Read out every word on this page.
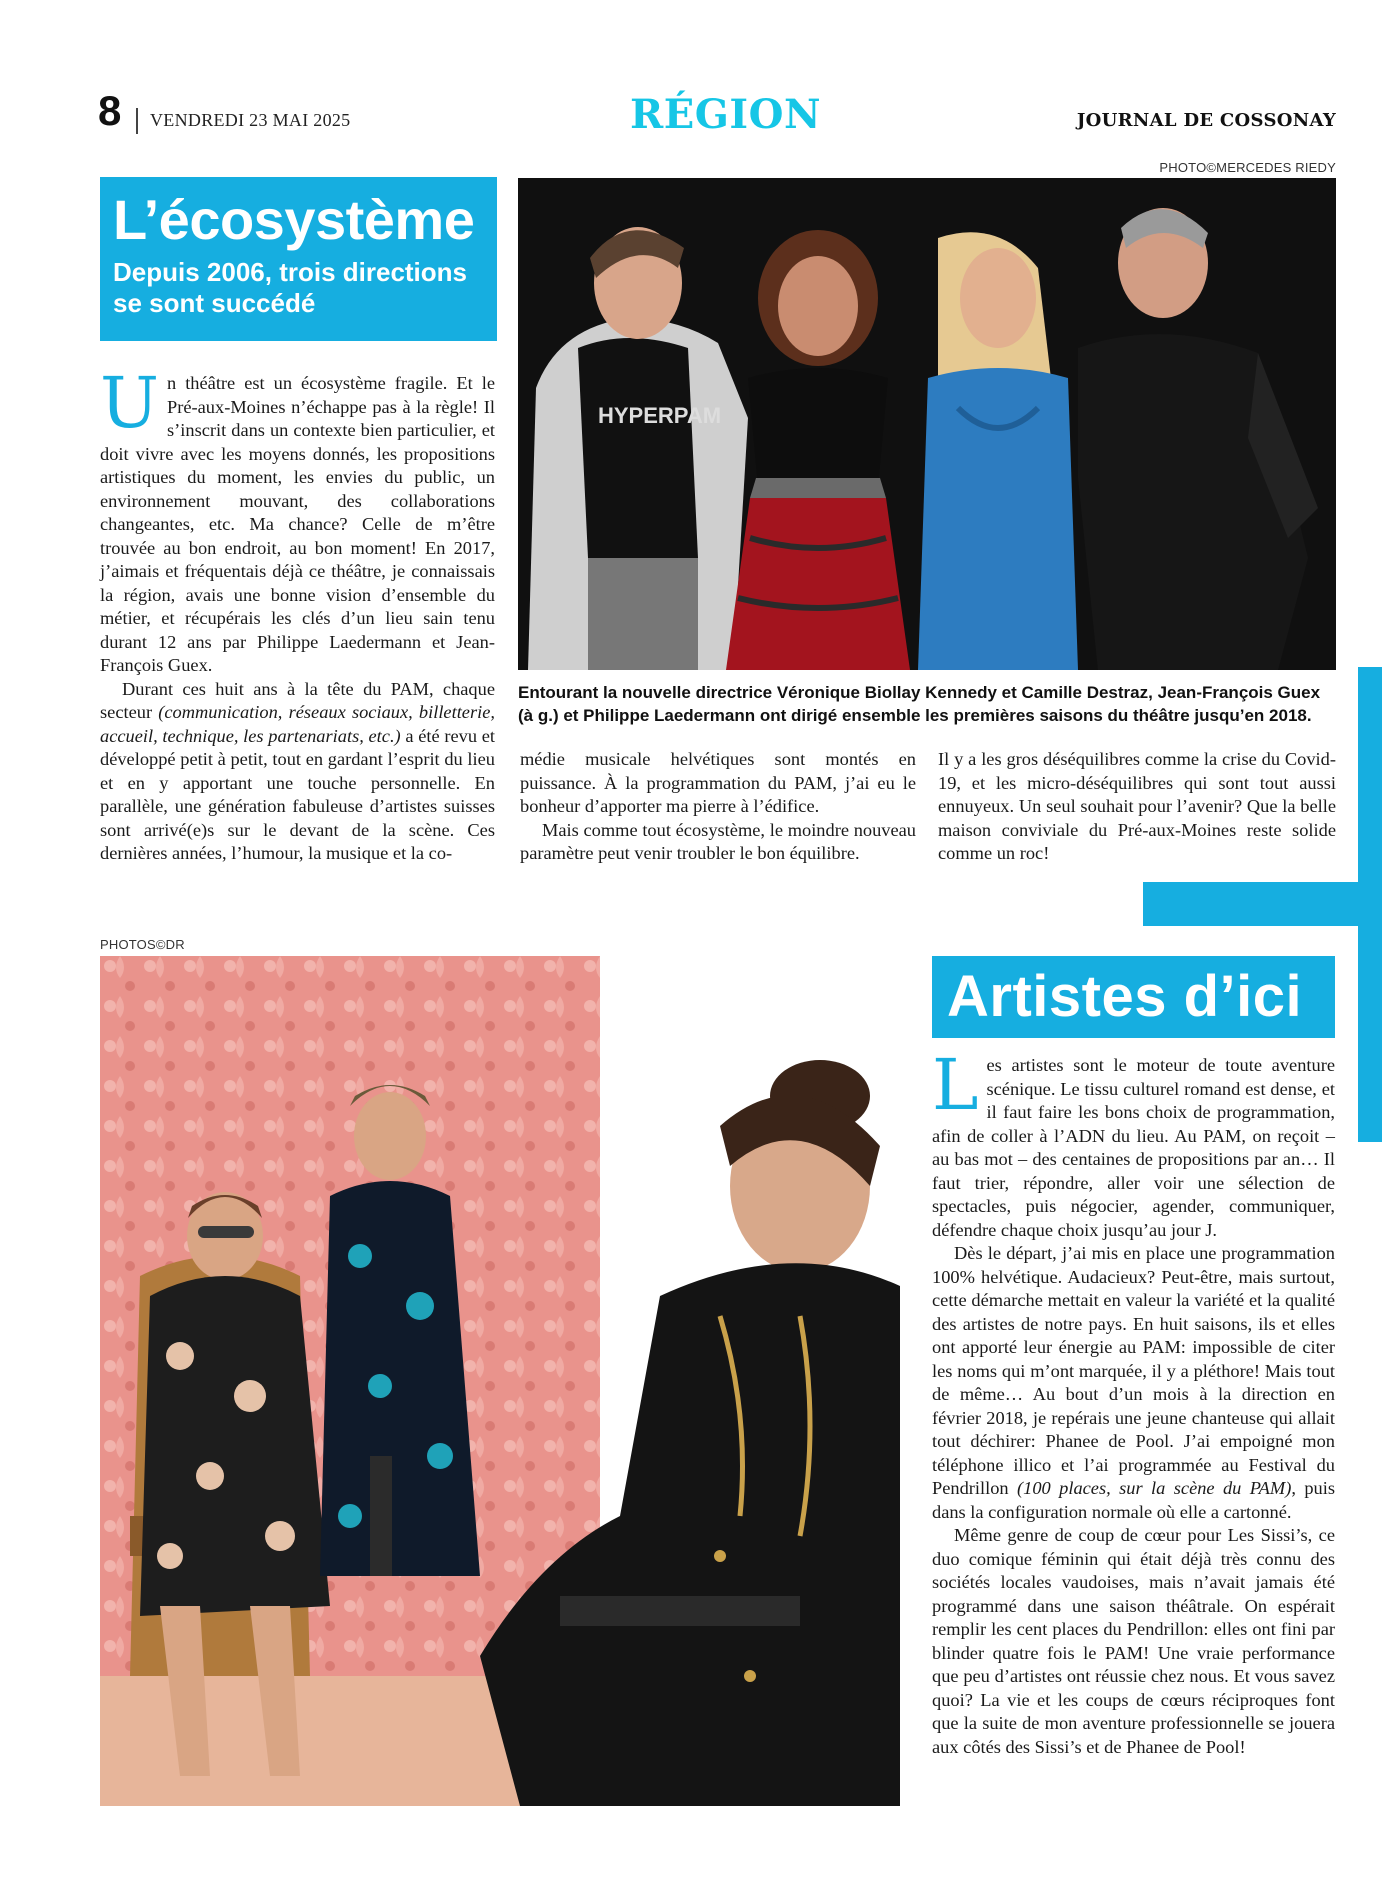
8 VENDREDI 23 MAI 2025	RÉGION	JOURNAL DE COSSONAY
PHOTO©MERCEDES RIEDY
L’écosystème
Depuis 2006, trois directions se sont succédé
HYPERPAM
Entourant la nouvelle directrice Véronique Biollay Kennedy et Camille Destraz, Jean-François Guex (à g.) et Philippe Laedermann ont dirigé ensemble les premières saisons du théâtre jusqu’en 2018.

Un théâtre est un écosystème fragile. Et le Pré-aux-Moines n’échappe pas à la règle! Il s’inscrit dans un contexte bien particulier, et doit vivre avec les moyens donnés, les propositions artistiques du moment, les envies du public, un environnement mouvant, des collaborations changeantes, etc. Ma chance? Celle de m’être trouvée au bon endroit, au bon moment! En 2017, j’aimais et fréquentais déjà ce théâtre, je connaissais la région, avais une bonne vision d’ensemble du métier, et récupérais les clés d’un lieu sain tenu durant 12 ans par Philippe Laedermann et Jean-François Guex.

Durant ces huit ans à la tête du PAM, chaque secteur (communication, réseaux sociaux, billetterie, accueil, technique, les partenariats, etc.) a été revu et développé petit à petit, tout en gardant l’esprit du lieu et en y apportant une touche personnelle. En parallèle, une génération fabuleuse d’artistes suisses sont arrivé(e)s sur le devant de la scène. Ces dernières années, l’humour, la musique et la co-

médie musicale helvétiques sont montés en puissance. À la programmation du PAM, j’ai eu le bonheur d’apporter ma pierre à l’édifice.

Mais comme tout écosystème, le moindre nouveau paramètre peut venir troubler le bon équilibre.

Il y a les gros déséquilibres comme la crise du Covid-19, et les micro-déséquilibres qui sont tout aussi ennuyeux. Un seul souhait pour l’avenir? Que la belle maison conviviale du Pré-aux-Moines reste solide comme un roc!

PHOTOS©DR
Artistes d’ici

Les artistes sont le moteur de toute aventure scénique. Le tissu culturel romand est dense, et il faut faire les bons choix de programmation, afin de coller à l’ADN du lieu. Au PAM, on reçoit – au bas mot – des centaines de propositions par an… Il faut trier, répondre, aller voir une sélection de spectacles, puis négocier, agender, communiquer, défendre chaque choix jusqu’au jour J.

Dès le départ, j’ai mis en place une programmation 100% helvétique. Audacieux? Peut-être, mais surtout, cette démarche mettait en valeur la variété et la qualité des artistes de notre pays. En huit saisons, ils et elles ont apporté leur énergie au PAM: impossible de citer les noms qui m’ont marquée, il y a pléthore! Mais tout de même… Au bout d’un mois à la direction en février 2018, je repérais une jeune chanteuse qui allait tout déchirer: Phanee de Pool. J’ai empoigné mon téléphone illico et l’ai programmée au Festival du Pendrillon (100 places, sur la scène du PAM), puis dans la configuration normale où elle a cartonné.

Même genre de coup de cœur pour Les Sissi’s, ce duo comique féminin qui était déjà très connu des sociétés locales vaudoises, mais n’avait jamais été programmé dans une saison théâtrale. On espérait remplir les cent places du Pendrillon: elles ont fini par blinder quatre fois le PAM! Une vraie performance que peu d’artistes ont réussie chez nous. Et vous savez quoi? La vie et les coups de cœurs réciproques font que la suite de mon aventure professionnelle se jouera aux côtés des Sissi’s et de Phanee de Pool!
